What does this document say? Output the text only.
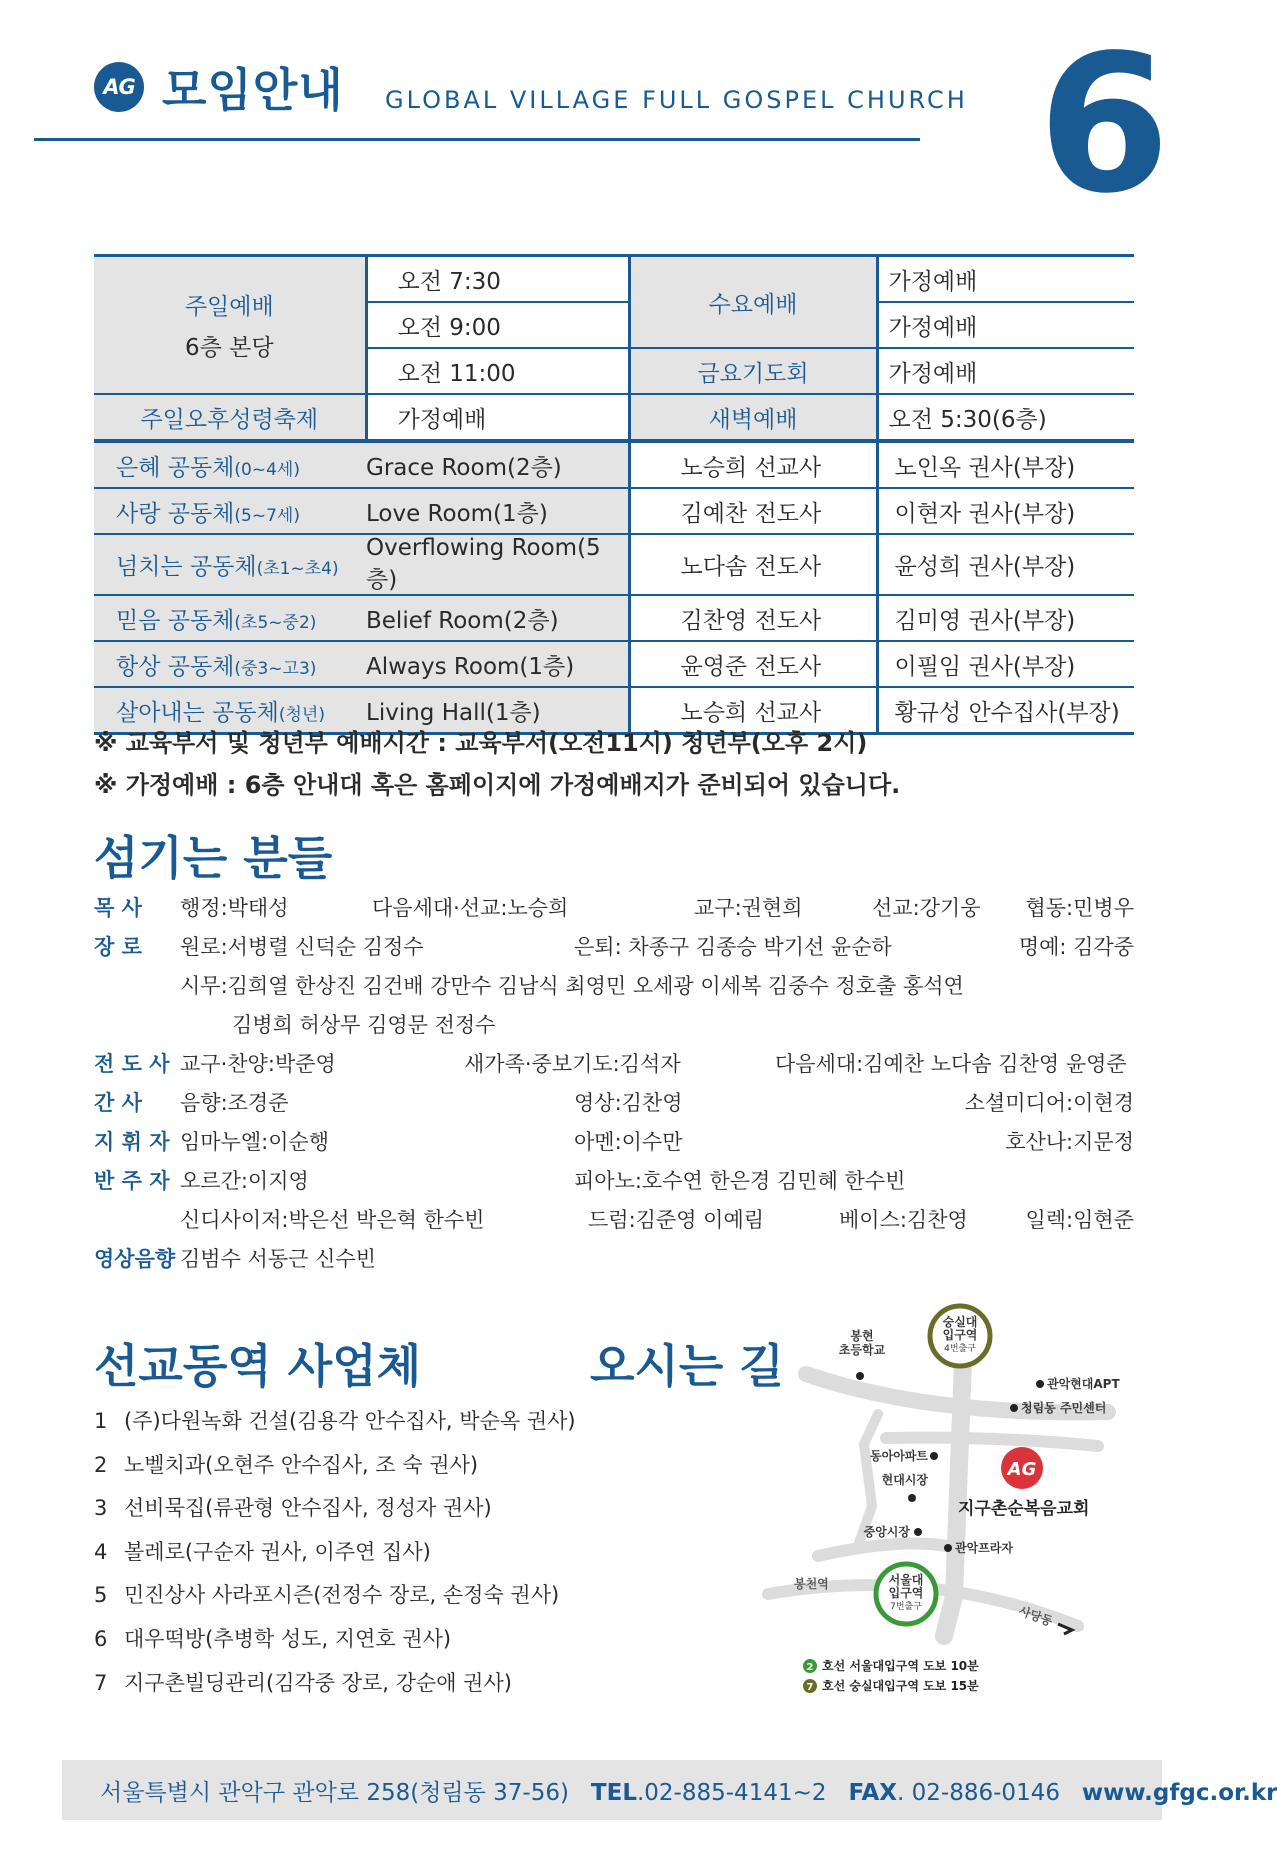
AG 모임안내 GLOBAL VILLAGE FULL GOSPEL CHURCH 6
주일예배
6층 본당	오전 7:30	수요예배	가정예배
	오전 9:00		가정예배
	오전 11:00	금요기도회	가정예배
주일오후성령축제	가정예배	새벽예배	오전 5:30(6층)
은혜 공동체(0~4세)	Grace Room(2층)	노승희 선교사	노인옥 권사(부장)
사랑 공동체(5~7세)	Love Room(1층)	김예찬 전도사	이현자 권사(부장)
넘치는 공동체(초1~초4)	Overflowing Room(5층)	노다솜 전도사	윤성희 권사(부장)
믿음 공동체(초5~중2)	Belief Room(2층)	김찬영 전도사	김미영 권사(부장)
항상 공동체(중3~고3)	Always Room(1층)	윤영준 전도사	이필임 권사(부장)
살아내는 공동체(청년)	Living Hall(1층)	노승희 선교사	황규성 안수집사(부장)
※ 교육부서 및 청년부 예배시간 : 교육부서(오전11시) 청년부(오후 2시)
※ 가정예배 : 6층 안내대 혹은 홈페이지에 가정예배지가 준비되어 있습니다.
섬기는 분들
목 사 행정:박태성	다음세대·선교:노승희	교구:권현희	선교:강기웅 협동:민병우
장 로 원로:서병렬 신덕순 김정수	은퇴: 차종구 김종승 박기선 윤순하	명예: 김각중
시무:김희열 한상진 김건배 강만수 김남식 최영민 오세광 이세복 김중수 정호출 홍석연
김병희 허상무 김영문 전정수
전 도 사 교구·찬양:박준영	새가족·중보기도:김석자	다음세대:김예찬 노다솜 김찬영 윤영준
간 사 음향:조경준	영상:김찬영	소셜미디어:이현경
지 휘 자 임마누엘:이순행	아멘:이수만	호산나:지문정
반 주 자 오르간:이지영	피아노:호수연 한은경 김민혜 한수빈
신디사이저:박은선 박은혁 한수빈	드럼:김준영 이예림	베이스:김찬영	일렉:임현준
영상음향 김범수 서동근 신수빈
선교동역 사업체
1 (주)다원녹화 건설(김용각 안수집사, 박순옥 권사)
2 노벨치과(오현주 안수집사, 조 숙 권사)
3 선비묵집(류관형 안수집사, 정성자 권사)
4 볼레로(구순자 권사, 이주연 집사)
5 민진상사 사라포시즌(전정수 장로, 손정숙 권사)
6 대우떡방(추병학 성도, 지연호 권사)
7 지구촌빌딩관리(김각중 장로, 강순애 권사)
오시는 길
숭실대
입구역
4번출구
서울대
입구역
7번출구
봉현
초등학교
관악현대APT
청림동 주민센터
동아아파트
현대시장
중앙시장
관악프라자
봉천역
사당동
AG
지구촌순복음교회
2 호선 서울대입구역 도보 10분
7 호선 숭실대입구역 도보 15분
서울특별시 관악구 관악로 258(청림동 37-56) TEL.02-885-4141~2 FAX. 02-886-0146 www.gfgc.or.kr
